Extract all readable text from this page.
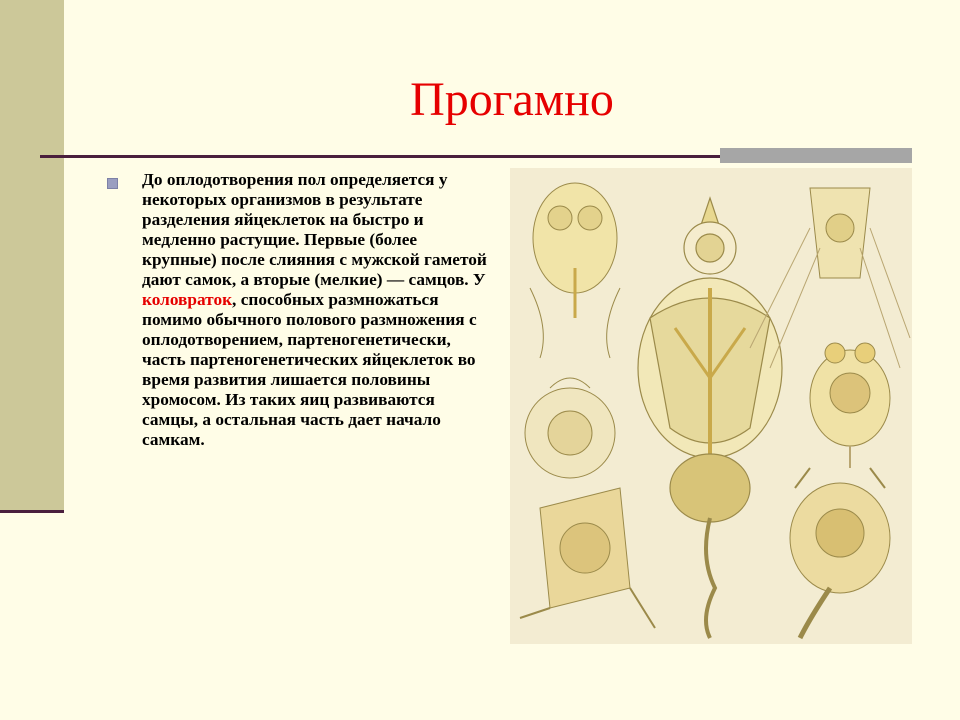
Прогамно
До оплодотворения пол определяется у некоторых организмов в результате разделения яйцеклеток на быстро и медленно растущие. Первые (более крупные) после слияния с мужской гаметой дают самок, а вторые (мелкие) — самцов. У коловраток, способных размножаться помимо обычного полового размножения с оплодотворением, партеногенетически, часть партеногенетических яйцеклеток во время развития лишается половины хромосом. Из таких яиц развиваются самцы, а остальная часть дает начало самкам.
